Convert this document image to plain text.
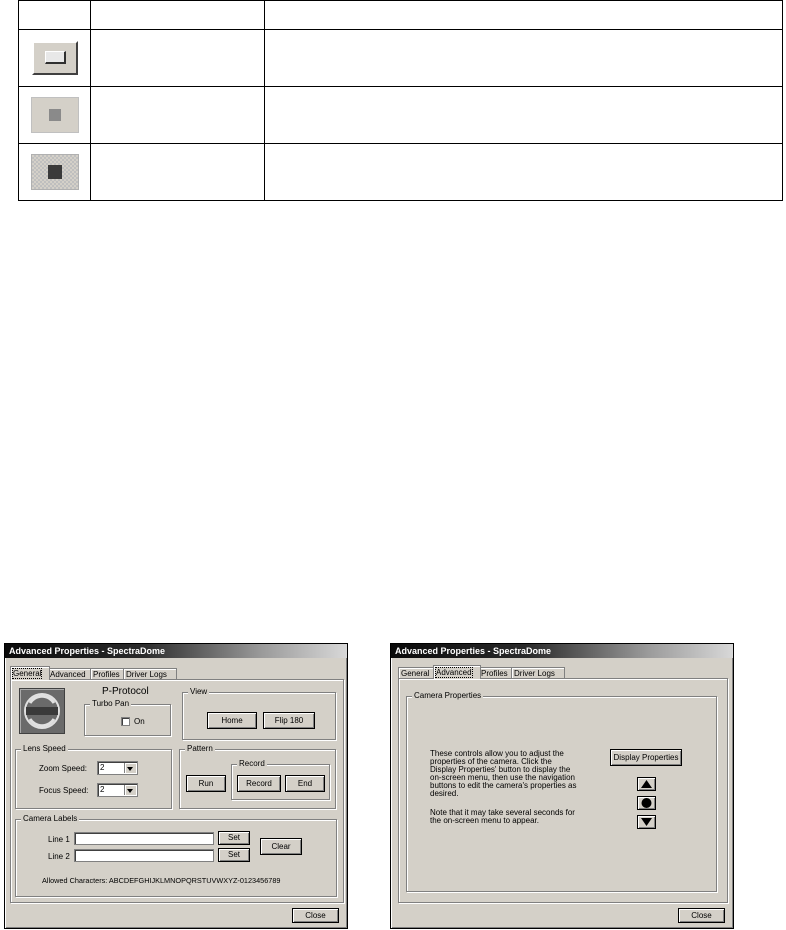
Advanced Properties - SpectraDome
General	Advanced Profiles Driver Logs
P-Protocol
Turbo Pan
On
View
Home	Flip 180
Lens Speed
Zoom Speed:	2
Focus Speed:	2
Pattern
Run
Record
Record	End
Camera Labels
Line 1	Set
Line 2	Set
Clear
Allowed Characters: ABCDEFGHIJKLMNOPQRSTUVWXYZ-0123456789
Close
Advanced Properties - SpectraDome
General Advanced	Profiles Driver Logs
Camera Properties
These controls allow you to adjust the
properties of the camera. Click the
Display Properties' button to display the
on-screen menu, then use the navigation
buttons to edit the camera's properties as
desired.
Note that it may take several seconds for
the on-screen menu to appear.
Display Properties
Close
